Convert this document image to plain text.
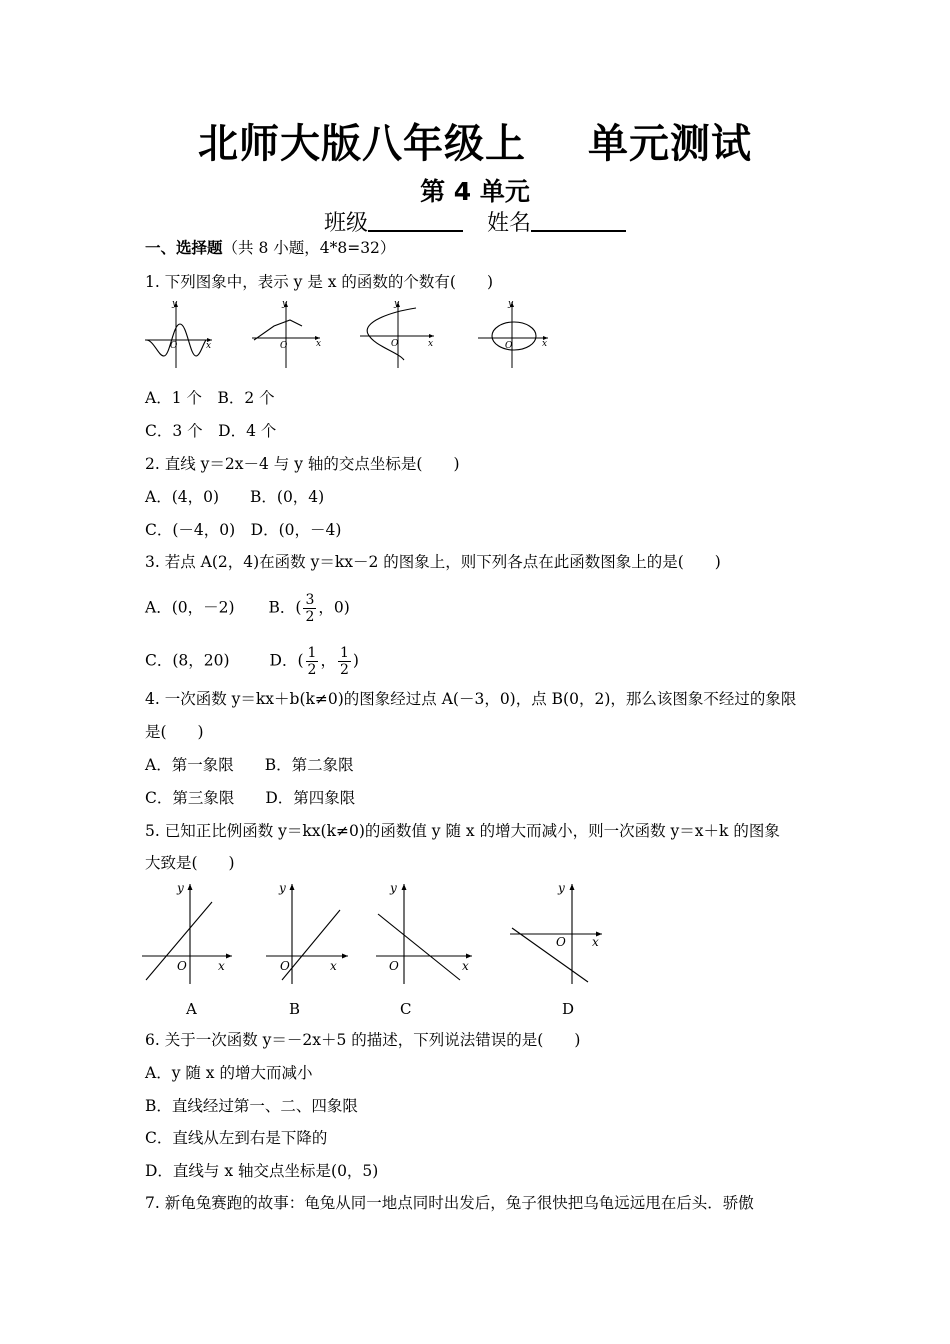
北师大版八年级上 单元测试
第 4 单元
班级	姓名
一、选择题（共 8 小题，4*8=32）
1. 下列图象中，表示 y 是 x 的函数的个数有(　　)
O	x
y
O	x
y
O	x
y
O	x
y
A．1 个　B．2 个
C．3 个　D．4 个
2. 直线 y＝2x－4 与 y 轴的交点坐标是(　　)
A．(4，0)　　B．(0，4)
C．(－4，0)　D．(0，－4)
3. 若点 A(2，4)在函数 y＝kx－2 的图象上，则下列各点在此函数图象上的是(　　)
A．(0，－2) B．( $\frac{3}{2}$ ，0)
C．(8，20)	D．( $\frac{1}{2}$ ， $\frac{1}{2}$ )
4. 一次函数 y＝kx＋b(k≠0)的图象经过点 A(－3，0)，点 B(0，2)，那么该图象不经过的象限
是(　　)
A．第一象限　　B．第二象限
C．第三象限　　D．第四象限
5. 已知正比例函数 y＝kx(k≠0)的函数值 y 随 x 的增大而减小，则一次函数 y＝x＋k 的图象
大致是(　　)
O	x
y
O	x
y
O	x
y
O x
y
A	B	C	D
6. 关于一次函数 y＝－2x＋5 的描述，下列说法错误的是(　　)
A．y 随 x 的增大而减小
B．直线经过第一、二、四象限
C．直线从左到右是下降的
D．直线与 x 轴交点坐标是(0，5)
7. 新龟兔赛跑的故事：龟兔从同一地点同时出发后，兔子很快把乌龟远远甩在后头．骄傲
